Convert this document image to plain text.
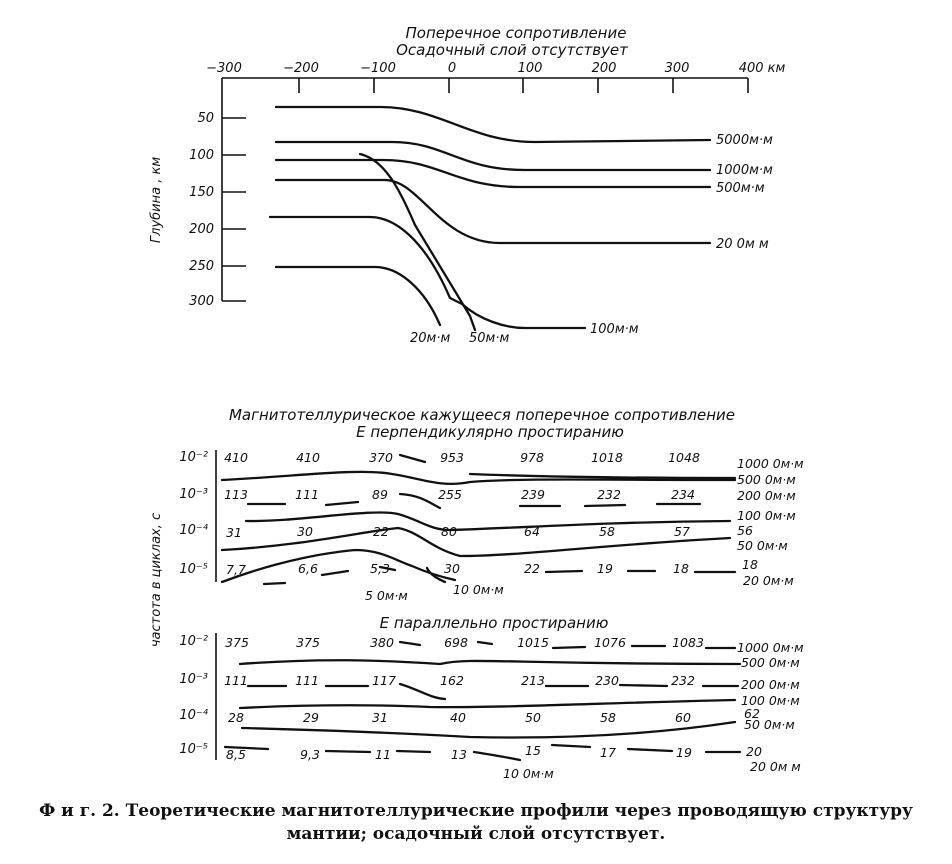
Поперечное сопротивление
Осадочный слой отсутствует
−300	−200	−100	0	100	200	300	400 км
50
100
150
200
250
300
Глубина , км
5000м·м
1000м·м
500м·м
20 0м м
20м·м 50м·м
100м·м
Магнитотеллурическое кажущееся поперечное сопротивление
E перпендикулярно простиранию
частота в циклах, с
10⁻²
10⁻³
10⁻⁴
10⁻⁵
410	410	370	953	978	1018	1048
113	111	89	255	239	232	234
31	30	22	80	64	58	57
7,7	6,6	5,3	30	22	19	18
1000 0м·м
500 0м·м
200 0м·м
100 0м·м
56
50 0м·м
18
20 0м·м
5 0м·м	10 0м·м
E параллельно простиранию
10⁻²
10⁻³
10⁻⁴
10⁻⁵
375	375	380	698	1015	1076	1083
111	111	117	162	213	230	232
28	29	31	40	50	58	60
8,5	9,3	11	13	15	17	19
1000 0м·м
500 0м·м
200 0м·м
100 0м·м
62
50 0м·м
20
20 0м м
10 0м·м
Ф и г. 2. Теоретические магнитотеллурические профили через проводящую структуру
мантии; осадочный слой отсутствует.
